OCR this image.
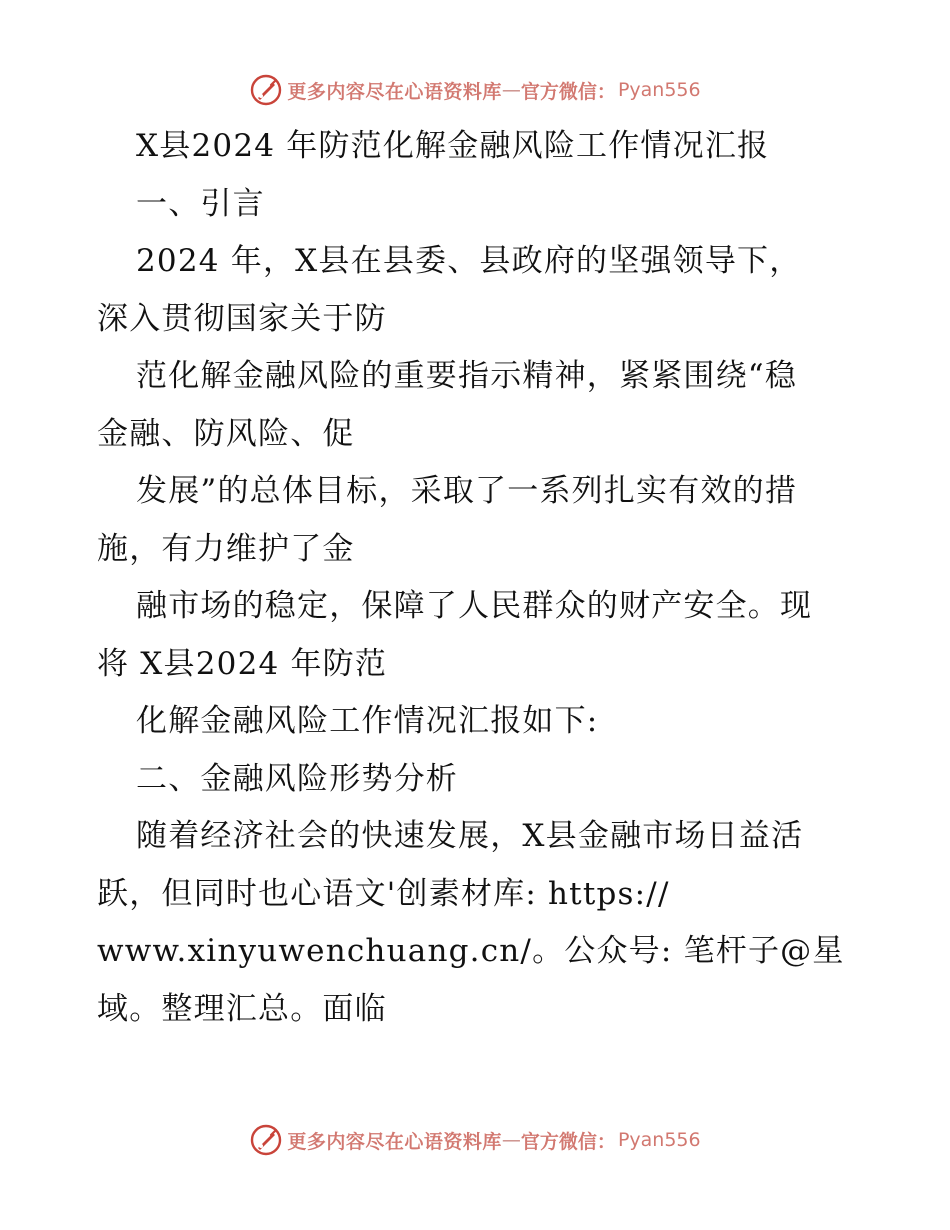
更多内容尽在心语资料库 — 官方微信： Pyan556
X县2024 年防范化解金融风险工作情况汇报
一、引言
2024 年，X县在县委、县政府的坚强领导下，
深入贯彻国家关于防
范化解金融风险的重要指示精神，紧紧围绕“稳
金融、防风险、促
发展”的总体目标，采取了一系列扎实有效的措
施，有力维护了金
融市场的稳定，保障了人民群众的财产安全。现
将 X县2024 年防范
化解金融风险工作情况汇报如下:
二、金融风险形势分析
随着经济社会的快速发展，X县金融市场日益活
跃，但同时也心语文'创素材库: https://
www.xinyuwenchuang.cn/。公众号: 笔杆子@星
域。整理汇总。面临
更多内容尽在心语资料库 — 官方微信： Pyan556
